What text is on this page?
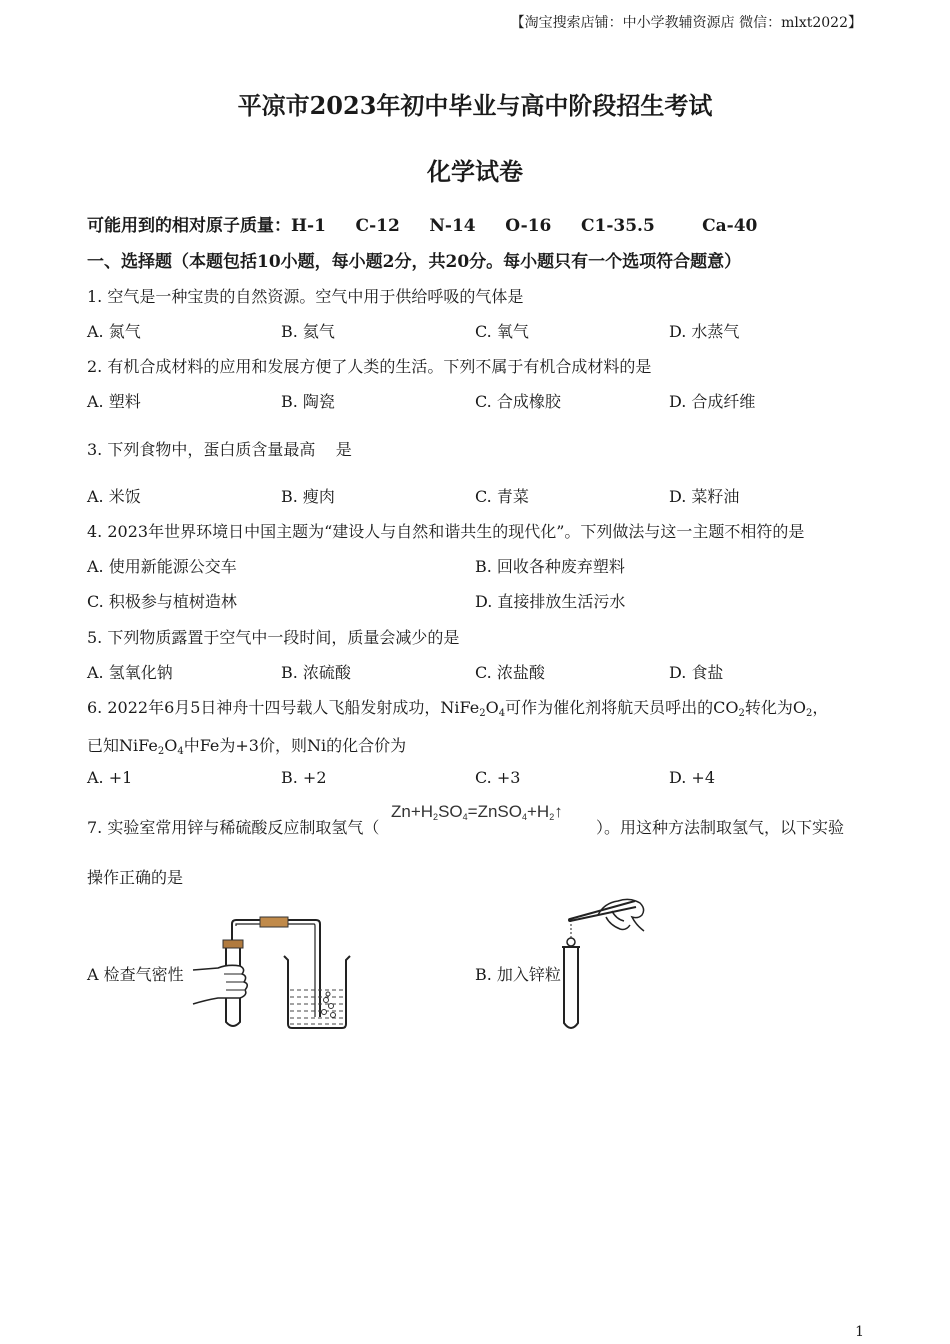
【淘宝搜索店铺：中小学教辅资源店 微信：mlxt2022】
平凉市2023年初中毕业与高中阶段招生考试
化学试卷
可能用到的相对原子质量：H-1     C-12     N-14     O-16     C1-35.5        Ca-40
一、选择题（本题包括10小题，每小题2分，共20分。每小题只有一个选项符合题意）
1. 空气是一种宝贵的自然资源。空气中用于供给呼吸的气体是
A. 氮气	B. 氦气	C. 氧气	D. 水蒸气
2. 有机合成材料的应用和发展方便了人类的生活。下列不属于有机合成材料的是
A. 塑料	B. 陶瓷	C. 合成橡胶	D. 合成纤维
3. 下列食物中，蛋白质含量最高    是
A. 米饭	B. 瘦肉	C. 青菜	D. 菜籽油
4. 2023年世界环境日中国主题为“建设人与自然和谐共生的现代化”。下列做法与这一主题不相符的是
A. 使用新能源公交车	B. 回收各种废弃塑料
C. 积极参与植树造林	D. 直接排放生活污水
5. 下列物质露置于空气中一段时间，质量会减少的是
A. 氢氧化钠	B. 浓硫酸	C. 浓盐酸	D. 食盐
6. 2022年6月5日神舟十四号载人飞船发射成功，$NiFe_2O_4$可作为催化剂将航天员呼出的$CO_2$转化为$O_2$，
已知$NiFe_2O_4$中Fe为+3价，则Ni的化合价为
A. +1	B. +2	C. +3	D. +4
7. 实验室常用锌与稀硫酸反应制取氢气（
$Zn+H_2SO_4=ZnSO_4+H_2↑$
）。用这种方法制取氢气，以下实验
操作正确的是
A 检查气密性	B. 加入锌粒
1
